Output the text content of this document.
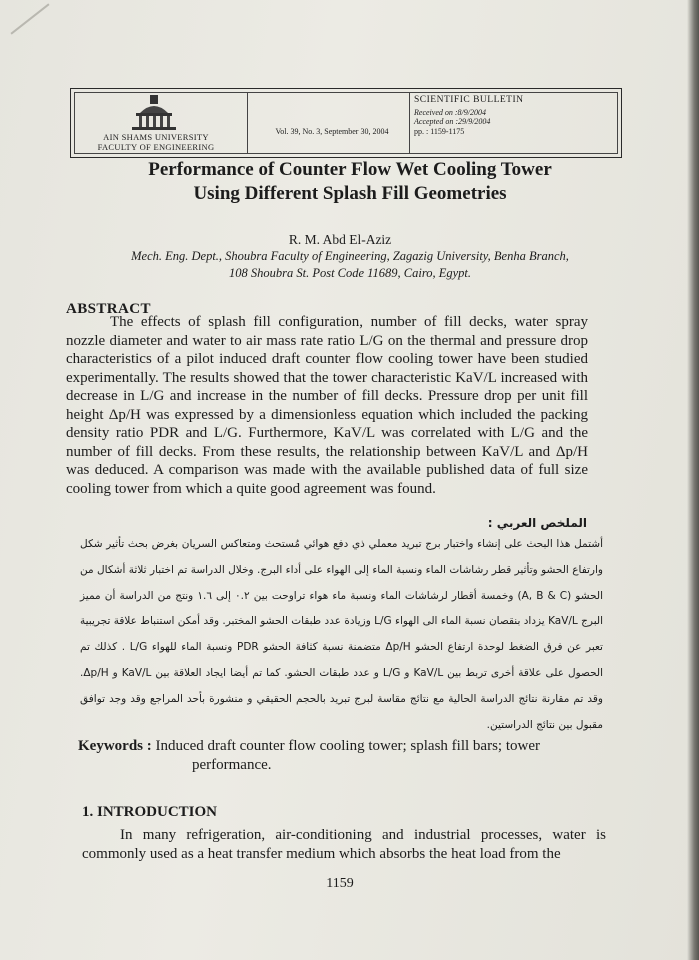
AIN SHAMS UNIVERSITY
FACULTY OF ENGINEERING
Vol. 39, No. 3, September 30, 2004
SCIENTIFIC BULLETIN
Received on :8/9/2004
Accepted on :29/9/2004
pp. : 1159-1175
Performance of Counter Flow Wet Cooling Tower
Using Different Splash Fill Geometries
R. M. Abd El-Aziz
Mech. Eng. Dept., Shoubra Faculty of Engineering, Zagazig University, Benha Branch,
108 Shoubra St. Post Code 11689, Cairo, Egypt.
ABSTRACT
The effects of splash fill configuration, number of fill decks, water spray nozzle diameter and water to air mass rate ratio L/G on the thermal and pressure drop characteristics of a pilot induced draft counter flow cooling tower have been studied experimentally. The results showed that the tower characteristic KaV/L increased with decrease in L/G and increase in the number of fill decks. Pressure drop per unit fill height Δp/H was expressed by a dimensionless equation which included the packing density ratio PDR and L/G. Furthermore, KaV/L was correlated with L/G and the number of fill decks. From these results, the relationship between KaV/L and Δp/H was deduced. A comparison was made with the available published data of full size cooling tower from which a quite good agreement was found.
الملخص العربي :
أشتمل هذا البحث على إنشاء واختبار برج تبريد معملي ذي دفع هوائي مُستحث ومتعاكس السريان بغرض بحث تأثير شكل وارتفاع الحشو وتأثير قطر رشاشات الماء ونسبة الماء إلى الهواء على أداء البرج. وخلال الدراسة تم اختبار ثلاثة أشكال من الحشو (A, B & C) وخمسة أقطار لرشاشات الماء ونسبة ماء هواء تراوحت بين ٠.٢ إلى ١.٦ ونتج من الدراسة أن مميز البرج KaV/L يزداد بنقصان نسبة الماء الى الهواء L/G وزيادة عدد طبقات الحشو المختبر. وقد أمكن استنباط علاقة تجريبية تعبر عن فرق الضغط لوحدة ارتفاع الحشو Δp/H متضمنة نسبة كثافة الحشو PDR ونسبة الماء للهواء L/G . كذلك تم الحصول على علاقة أخرى تربط بين KaV/L و L/G و عدد طبقات الحشو. كما تم أيضا ايجاد العلاقة بين KaV/L و Δp/H. وقد تم مقارنة نتائج الدراسة الحالية مع نتائج مقاسة لبرج تبريد بالحجم الحقيقي و منشورة بأحد المراجع وقد وجد توافق مقبول بين نتائج الدراستين.
Keywords : Induced draft counter flow cooling tower; splash fill bars; tower
performance.
1. INTRODUCTION
In many refrigeration, air-conditioning and industrial processes, water is commonly used as a heat transfer medium which absorbs the heat load from the
1159
